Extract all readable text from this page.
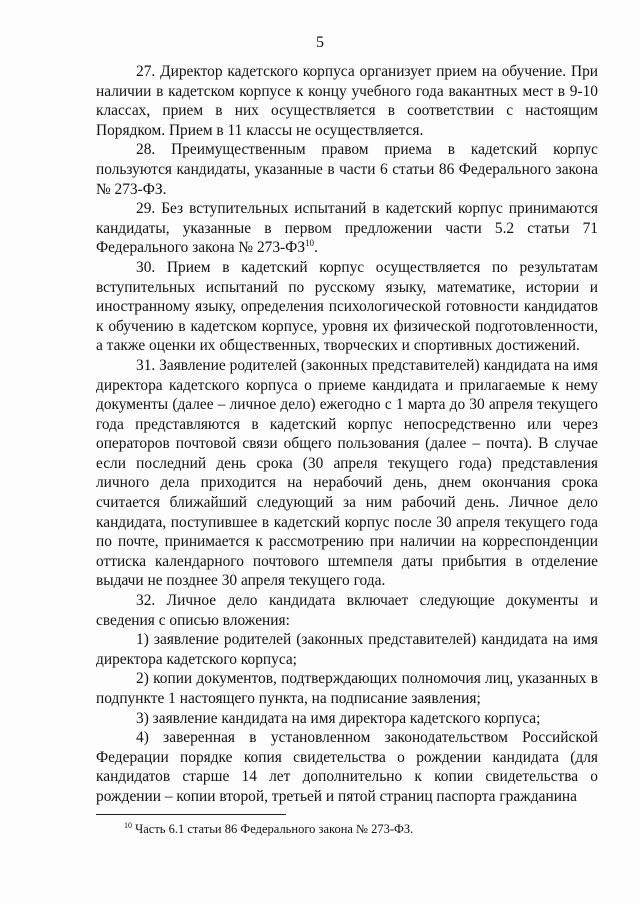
5

27. Директор кадетского корпуса организует прием на обучение. При наличии в кадетском корпусе к концу учебного года вакантных мест в 9-10 классах, прием в них осуществляется в соответствии с настоящим Порядком. Прием в 11 классы не осуществляется.

28. Преимущественным правом приема в кадетский корпус пользуются кандидаты, указанные в части 6 статьи 86 Федерального закона № 273-ФЗ.

29. Без вступительных испытаний в кадетский корпус принимаются кандидаты, указанные в первом предложении части 5.2 статьи 71 Федерального закона № 273-ФЗ$^{10}$.

30. Прием в кадетский корпус осуществляется по результатам вступительных испытаний по русскому языку, математике, истории и иностранному языку, определения психологической готовности кандидатов к обучению в кадетском корпусе, уровня их физической подготовленности, а также оценки их общественных, творческих и спортивных достижений.

31. Заявление родителей (законных представителей) кандидата на имя директора кадетского корпуса о приеме кандидата и прилагаемые к нему документы (далее – личное дело) ежегодно с 1 марта до 30 апреля текущего года представляются в кадетский корпус непосредственно или через операторов почтовой связи общего пользования (далее – почта). В случае если последний день срока (30 апреля текущего года) представления личного дела приходится на нерабочий день, днем окончания срока считается ближайший следующий за ним рабочий день. Личное дело кандидата, поступившее в кадетский корпус после 30 апреля текущего года по почте, принимается к рассмотрению при наличии на корреспонденции оттиска календарного почтового штемпеля даты прибытия в отделение выдачи не позднее 30 апреля текущего года.

32. Личное дело кандидата включает следующие документы и сведения с описью вложения:

1) заявление родителей (законных представителей) кандидата на имя директора кадетского корпуса;

2) копии документов, подтверждающих полномочия лиц, указанных в подпункте 1 настоящего пункта, на подписание заявления;

3) заявление кандидата на имя директора кадетского корпуса;

4) заверенная в установленном законодательством Российской Федерации порядке копия свидетельства о рождении кандидата (для кандидатов старше 14 лет дополнительно к копии свидетельства о рождении – копии второй, третьей и пятой страниц паспорта гражданина

$^{10}$ Часть 6.1 статьи 86 Федерального закона № 273-ФЗ.
